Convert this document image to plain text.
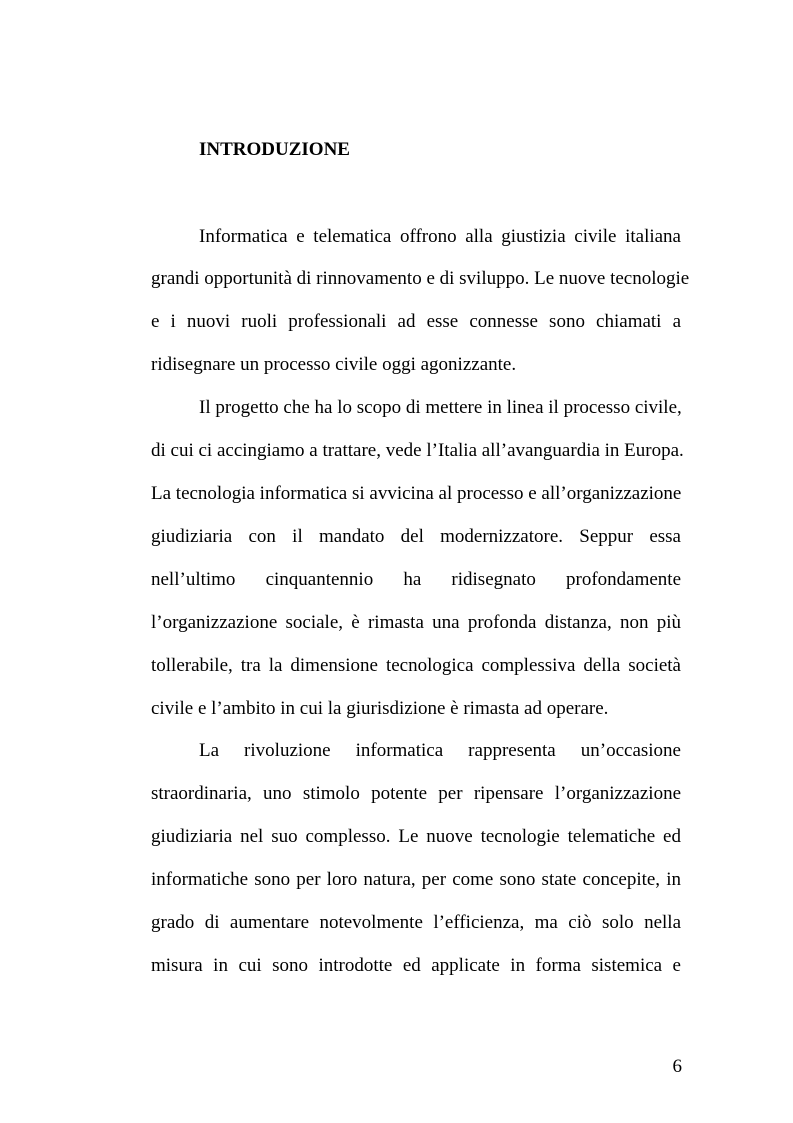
INTRODUZIONE

Informatica e telematica offrono alla giustizia civile italiana

grandi opportunità di rinnovamento e di sviluppo. Le nuove tecnologie

e i nuovi ruoli professionali ad esse connesse sono chiamati a

ridisegnare un processo civile oggi agonizzante.

Il progetto che ha lo scopo di mettere in linea il processo civile,

di cui ci accingiamo a trattare, vede l’Italia all’avanguardia in Europa.

La tecnologia informatica si avvicina al processo e all’organizzazione

giudiziaria con il mandato del modernizzatore. Seppur essa

nell’ultimo cinquantennio ha ridisegnato profondamente

l’organizzazione sociale, è rimasta una profonda distanza, non più

tollerabile, tra la dimensione tecnologica complessiva della società

civile e l’ambito in cui la giurisdizione è rimasta ad operare.

La rivoluzione informatica rappresenta un’occasione

straordinaria, uno stimolo potente per ripensare l’organizzazione

giudiziaria nel suo complesso. Le nuove tecnologie telematiche ed

informatiche sono per loro natura, per come sono state concepite, in

grado di aumentare notevolmente l’efficienza, ma ciò solo nella

misura in cui sono introdotte ed applicate in forma sistemica e

6
